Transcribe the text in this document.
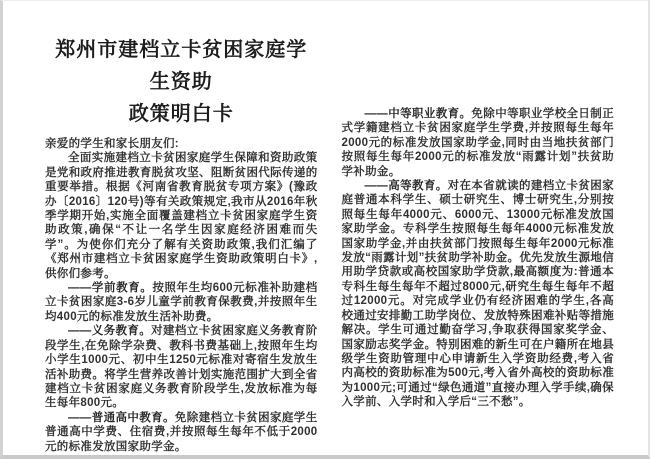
郑州市建档立卡贫困家庭学生资助
政策明白卡

亲爱的学生和家长朋友们:

全面实施建档立卡贫困家庭学生保障和资助政策是党和政府推进教育脱贫攻坚、阻断贫困代际传递的重要举措。根据《河南省教育脱贫专项方案》(豫政办〔2016〕120号)等有关政策规定,我市从2016年秋季学期开始,实施全面覆盖建档立卡贫困家庭学生资助政策,确保“不让一名学生因家庭经济困难而失学”。为使你们充分了解有关资助政策,我们汇编了《郑州市建档立卡贫困家庭学生资助政策明白卡》,供你们参考。

——学前教育。按照年生均600元标准补助建档立卡贫困家庭3-6岁儿童学前教育保教费,并按照年生均400元的标准发放生活补助费。

——义务教育。对建档立卡贫困家庭义务教育阶段学生,在免除学杂费、教科书费基础上,按照年生均小学生1000元、初中生1250元标准对寄宿生发放生活补助费。将学生营养改善计划实施范围扩大到全省建档立卡贫困家庭义务教育阶段学生,发放标准为每生每年800元。

——普通高中教育。免除建档立卡贫困家庭学生普通高中学费、住宿费,并按照每生每年不低于2000元的标准发放国家助学金。

——中等职业教育。免除中等职业学校全日制正式学籍建档立卡贫困家庭学生学费,并按照每生每年2000元的标准发放国家助学金,同时由当地扶贫部门按照每生每年2000元的标准发放“雨露计划”扶贫助学补助金。

——高等教育。对在本省就读的建档立卡贫困家庭普通本科学生、硕士研究生、博士研究生,分别按照每生每年4000元、6000元、13000元标准发放国家助学金。专科学生按照每生每年4000元标准发放国家助学金,并由扶贫部门按照每生每年2000元标准发放“雨露计划”扶贫助学补助金。优先发放生源地信用助学贷款或高校国家助学贷款,最高额度为:普通本专科生每生每年不超过8000元,研究生每生每年不超过12000元。对完成学业仍有经济困难的学生,各高校通过安排勤工助学岗位、发放特殊困难补贴等措施解决。学生可通过勤奋学习,争取获得国家奖学金、国家励志奖学金。特别困难的新生可在户籍所在地县级学生资助管理中心申请新生入学资助经费,考入省内高校的资助标准为500元,考入省外高校的资助标准为1000元;可通过“绿色通道”直接办理入学手续,确保入学前、入学时和入学后“三不愁”。
